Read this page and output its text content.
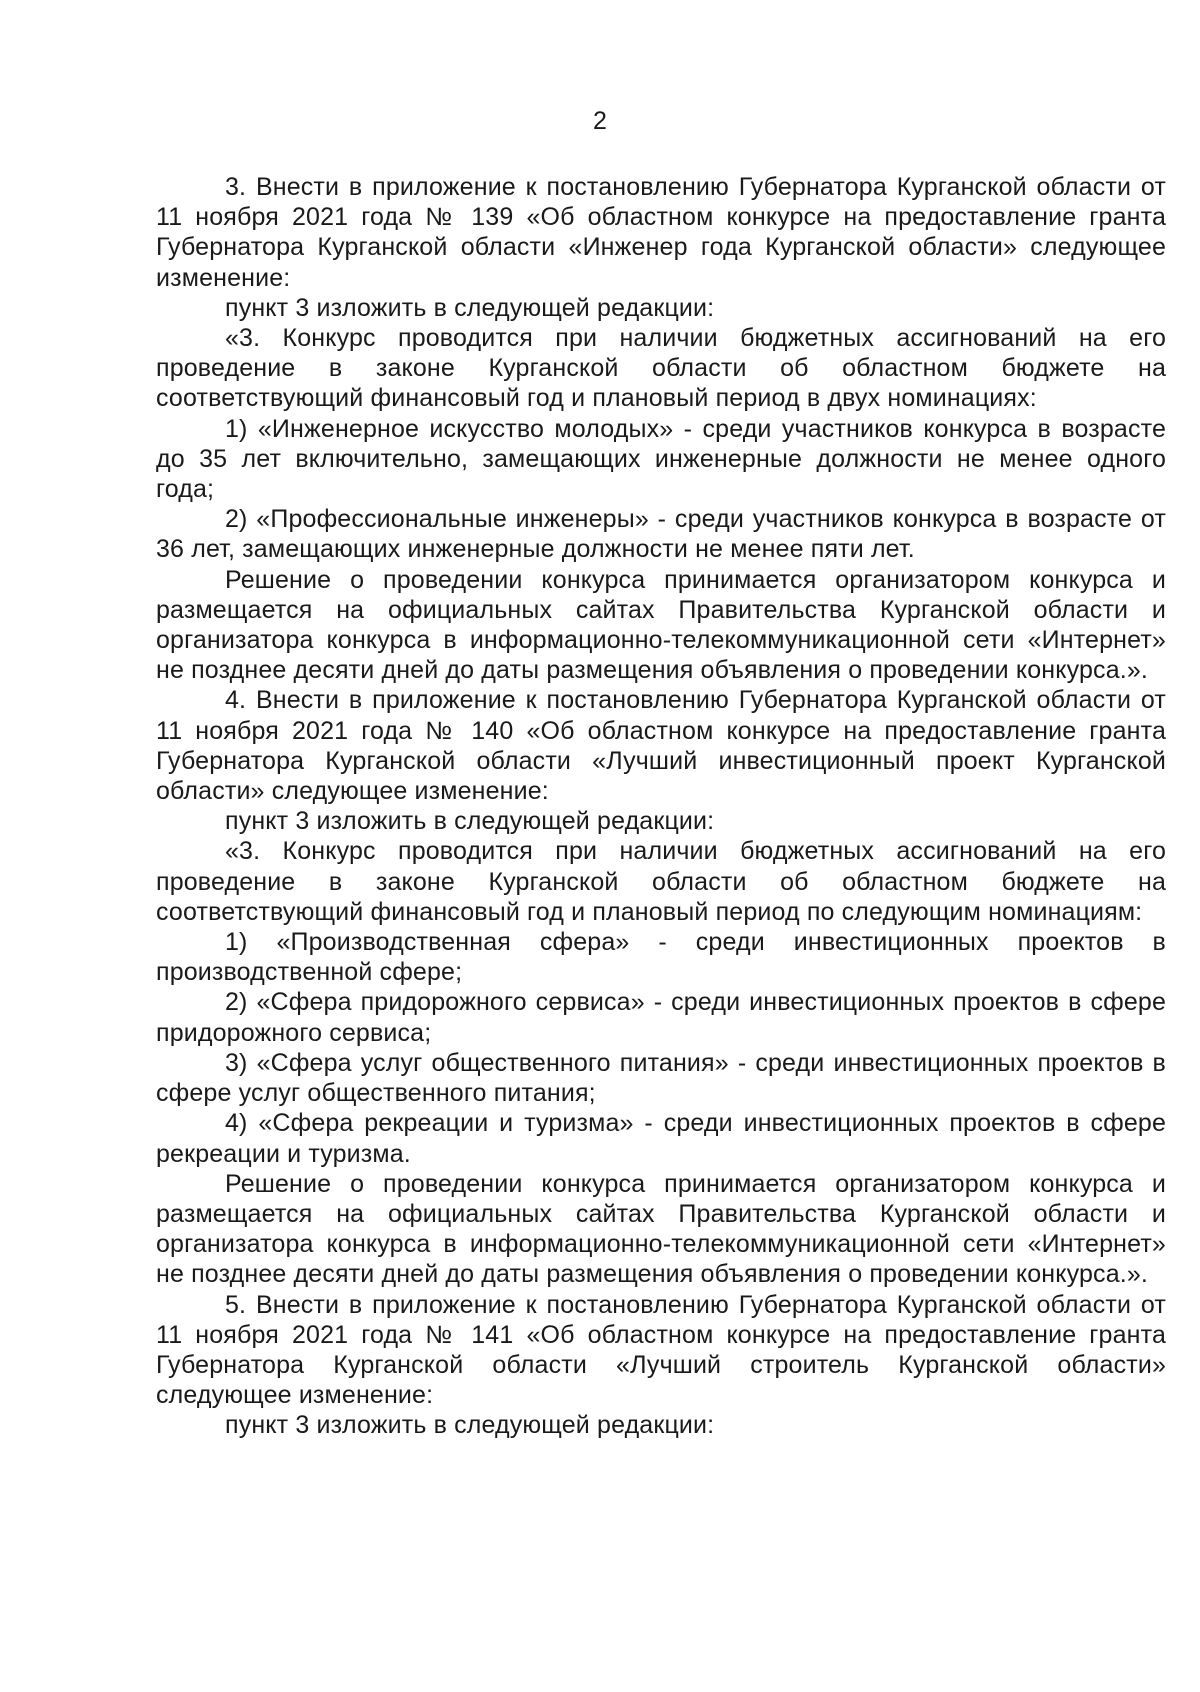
2

3. Внести в приложение к постановлению Губернатора Курганской области от 11 ноября 2021 года № 139 «Об областном конкурсе на предоставление гранта Губернатора Курганской области «Инженер года Курганской области» следующее изменение:

пункт 3 изложить в следующей редакции:

«3. Конкурс проводится при наличии бюджетных ассигнований на его проведение в законе Курганской области об областном бюджете на соответствующий финансовый год и плановый период в двух номинациях:

1) «Инженерное искусство молодых» - среди участников конкурса в возрасте до 35 лет включительно, замещающих инженерные должности не менее одного года;

2) «Профессиональные инженеры» - среди участников конкурса в возрасте от 36 лет, замещающих инженерные должности не менее пяти лет.

Решение о проведении конкурса принимается организатором конкурса и размещается на официальных сайтах Правительства Курганской области и организатора конкурса в информационно-телекоммуникационной сети «Интернет» не позднее десяти дней до даты размещения объявления о проведении конкурса.».

4. Внести в приложение к постановлению Губернатора Курганской области от 11 ноября 2021 года № 140 «Об областном конкурсе на предоставление гранта Губернатора Курганской области «Лучший инвестиционный проект Курганской области» следующее изменение:

пункт 3 изложить в следующей редакции:

«3. Конкурс проводится при наличии бюджетных ассигнований на его проведение в законе Курганской области об областном бюджете на соответствующий финансовый год и плановый период по следующим номинациям:

1) «Производственная сфера» - среди инвестиционных проектов в производственной сфере;

2) «Сфера придорожного сервиса» - среди инвестиционных проектов в сфере придорожного сервиса;

3) «Сфера услуг общественного питания» - среди инвестиционных проектов в сфере услуг общественного питания;

4) «Сфера рекреации и туризма» - среди инвестиционных проектов в сфере рекреации и туризма.

Решение о проведении конкурса принимается организатором конкурса и размещается на официальных сайтах Правительства Курганской области и организатора конкурса в информационно-телекоммуникационной сети «Интернет» не позднее десяти дней до даты размещения объявления о проведении конкурса.».

5. Внести в приложение к постановлению Губернатора Курганской области от 11 ноября 2021 года № 141 «Об областном конкурсе на предоставление гранта Губернатора Курганской области «Лучший строитель Курганской области» следующее изменение:

пункт 3 изложить в следующей редакции:
